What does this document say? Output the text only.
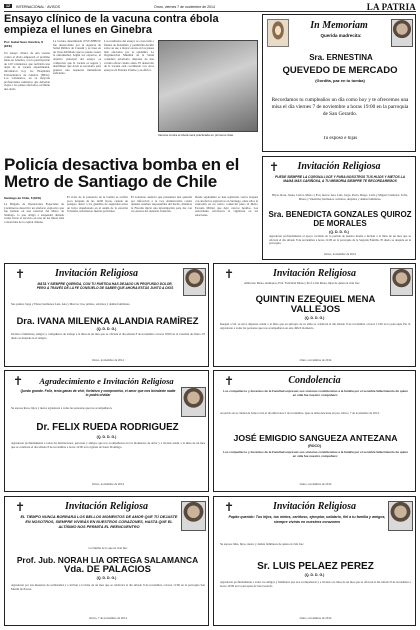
12	INTERNACIONAL · AVISOS	Oruro, viernes 7 de noviembre de 2014	LA PATRIA
Ensayo clínico de la vacuna contra ébola empieza el lunes en Ginebra
Por: Isabel Saco Ginebra, S (EFE)
Un ensayo clínico de una vacuna contra el ébola empezará el próximo lunes en Ginebra, con la participación de 120 voluntarios que recibirán una dosis de la vacuna experimental, informaron hoy los Hospitales Universitarios de Ginebra (HUG). Los voluntarios, en su mayoría profesionales sanitarios que deberían viajar a los países afectados, recibirán una dosis.
La vacuna, denominada rVSV-ZEBOV, fue desarrollada por la Agencia de Salud Pública de Canadá y se basa en un virus debilitado que no puede causar la enfermedad. Según los expertos, el objetivo principal del ensayo es comprobar que la vacuna es segura y determinar qué dosis es necesaria para generar una respuesta inmunitaria suficiente.
Los resultados del ensayo se conocerán a finales de diciembre y permitirán decidir sobre su uso a mayor escala en los países más afectados por la epidemia. La Organización Mundial de la Salud considera prioritario disponer de una vacuna eficaz cuanto antes. El desarrollo de la vacuna está coordinado con otros ensayos en Estados Unidos y en África.
Vacuna contra el ébola será practicada en primeros días.
In Memoriam
Querida madrecita:
Sra. ERNESTINA
QUEVEDO DE MERCADO
(Gordita, paz en tu tumba)
Recordamos tu cumpleaños un día como hoy y te ofrecemos una misa el día viernes 7 de noviembre a horas 19:00 en la parroquia de San Gerardo.
Tu esposo e hijas
Policía desactiva bomba en el Metro de Santiago de Chile
Santiago de Chile, 6 (EFE)
La Brigada de Operaciones Especiales de Carabineros desactivó un artefacto explosivo que fue hallado en una estación del Metro de Santiago, lo que obligó a suspender durante varias horas el servicio en una de las líneas más concurridas de la capital chilena.
El aviso de la presencia de la bomba se recibió poco después de las 14:00 horas, cuando un pasajero alertó a los guardias de seguridad sobre un bolso abandonado en el andén de la estación Tobalaba, informaron fuentes policiales.
El Gobierno anunció que presentará una querella por infracción a la Ley Antiterrorista contra quienes resulten responsables del hecho, mientras la Fiscalía inició una investigación para dar con los autores del atentado frustrado.
Desde septiembre se han registrado varios ataques con artefactos explosivos en Santiago, entre ellos la explosión en un centro comercial junto al Metro Escuela Militar que dejó catorce heridos. Las autoridades reforzaron la vigilancia en las estaciones.
✝	Invitación Religiosa
PUEDE SIEMPRE LA CORONA LUCE Y PARA NOSOTROS TUS HIJOS Y NIETOS LA MAMÁ MÁS CARIÑOSA, A TU MEMORIA SIEMPRE TE RECORDAREMOS
Hijos: Rosa, Juana, Carlos, Mario y Eva; nietos: Ana, Luis, Jorge, Paola, Diego, Carla y Miguel; bisnietos: Sofía, Mateo y Valentina; hermanos, sobrinos, ahijados y demás familiares.
Sra. BENEDICTA GONZALES QUIROZ DE MORALES
(Q. D. D. G.)
Agradecen profundamente el apoyo recibido en la partida de nuestra madre e invitan a la misa de un mes que se oficiará el día sábado 8 de noviembre a horas 11:00 en la parroquia de la Sagrada Familia. El duelo se despide en la parroquia.
Oruro, noviembre de 2014
✝	Invitación Religiosa
MATA Y SIEMPRE QUERIDA, CON TU PARTIDA HAS DEJADO UN PROFUNDO DOLOR, PERO A TRAVÉS DE LA FE CONSUELO DE SABER QUE AHORA ESTÁS JUNTO A DIOS
Sus padres Jorge y Elena; hermanos Luis, Ana y Marcos; tíos, primos, sobrinos y demás familiares.
Dra. IVANA MILENKA ALANDIA RAMÍREZ
(Q. D. D. G.)
Invitan a familiares, amigos y compañeros de trabajo a la misa de un mes que se oficiará el día sábado 8 de noviembre a horas 18:00 en la Catedral de Oruro. El duelo se despide en el templo.
Oruro, noviembre de 2014
✝	Invitación Religiosa
Ambrosio Mena, hermanos, Prof. Felicidad Mena y Prof. Lilia Mena, hijas de quien en vida fue:
QUINTIN EZEQUIEL MENA
VALLEJOS
(Q. D. D. G.)
Ruegan a Ud. se sirva dignarse asistir a la misa que en sufragio de su alma se celebrará el día sábado 8 de noviembre a horas 11:00 en la parroquia Pio X. Agradecen a todas las personas que nos acompañaron en este difícil momento.
Oruro, noviembre de 2014
✝	Agradecimiento e Invitación Religiosa
Quedo grande. Feliz, tenía ganas de vivir, fortaleza y compromiso, el amor que nos brindaste nadie lo podrá olvidar
Su esposa Rosa, hijos y nietos agradecen a todas las personas que nos acompañaron.
Dr. FÉLIX RUEDA RODRÍGUEZ
(Q. D. D. G.)
Agradecen profundamente a todas las instituciones, personas y amigos que nos acompañaron en los momentos de dolor y e invitan asistir a la misa de un mes que se celebrará el día sábado 8 de noviembre a horas 12:00 en la iglesia de Santo Domingo.
Oruro, noviembre de 2014
✝	Condolencia
Los compañeros y docentes de la Facultad expresan sus sinceras condolencias a la familia por el sensible fallecimiento de quien en vida fue nuestro compañero:
Acaecido en la ciudad de Santa Cruz el día miércoles 5 de noviembre. Que su alma descanse en paz. Oruro, 7 de noviembre de 2014.
JOSÉ EMIGDIO SANGUEZA ANTEZANA
(ROCO)
Los compañeros y docentes de la Facultad expresan sus sinceras condolencias a la familia por el sensible fallecimiento de quien en vida fue nuestro compañero:
Oruro, noviembre de 2014
✝	Invitación Religiosa
EL TIEMPO NUNCA BORRARÁ LOS BELLOS MOMENTOS DE AMOR QUE TÚ DEJASTE EN NOSOTROS, SIEMPRE VIVIRÁS EN NUESTROS CORAZONES, HASTA QUE EL ALTÍSIMO NOS PERMITA EL REENCUENTRO
La familia de la que en vida fue:
Prof. Jub. NORAH LIA ORTEGA SALAMANCA
Vda. DE PALACIOS
(Q. D. D. G.)
Agradecen por sus muestras de solidaridad y e invitan a la misa de un mes que se celebrará el día sábado 8 de noviembre a horas 11:00 en la parroquia San Martín de Porres.
Oruro, 7 de noviembre de 2014
✝	Invitación Religiosa
Papito querido: Tus hijos, tus nietos, cariñoso, ejemplar, solidario, fiel a tu familia y amigos, siempre vivirás en nuestros corazones
Su esposa Julia, hijos, nietos y demás familiares de quien en vida fue:
Sr. LUIS PELÁEZ PÉREZ
(Q. D. D. G.)
Agradecen profundamente a todos los amigos y familiares que nos acompañaron y e invitan a la misa de un mes que se oficiará el día sábado 8 de noviembre a horas 10:00 en la parroquia de San Gerardo.
Oruro, noviembre de 2014
